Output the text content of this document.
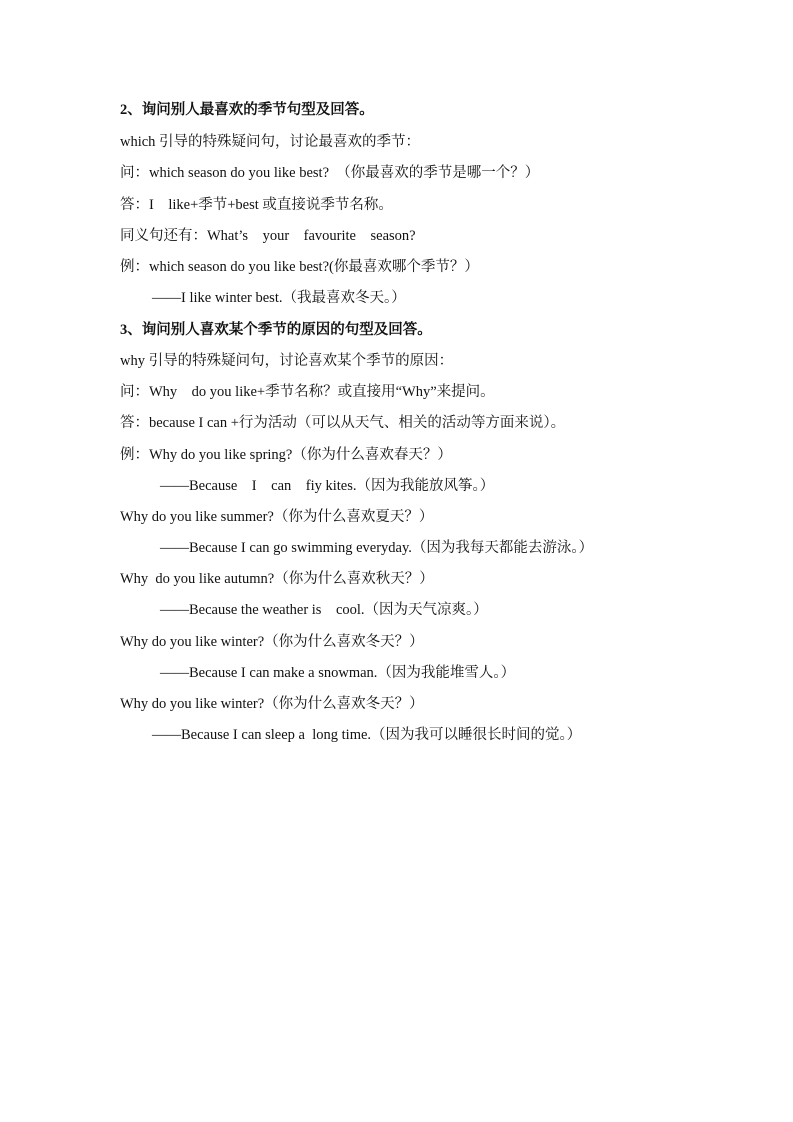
2、询问别人最喜欢的季节句型及回答。
which 引导的特殊疑问句，讨论最喜欢的季节：
问：which season do you like best?  （你最喜欢的季节是哪一个？）
答：I    like+季节+best 或直接说季节名称。
同义句还有：What’s    your    favourite    season?
例：which season do you like best?(你最喜欢哪个季节？）
——I like winter best.（我最喜欢冬天。）
3、询问别人喜欢某个季节的原因的句型及回答。
why 引导的特殊疑问句，讨论喜欢某个季节的原因：
问：Why    do you like+季节名称？或直接用“Why”来提问。
答：because I can +行为活动（可以从天气、相关的活动等方面来说）。
例：Why do you like spring?（你为什么喜欢春天？）
——Because    I    can    fiy kites.（因为我能放风筝。）
Why do you like summer?（你为什么喜欢夏天？）
——Because I can go swimming everyday.（因为我每天都能去游泳。）
Why  do you like autumn?（你为什么喜欢秋天？）
——Because the weather is    cool.（因为天气凉爽。）
Why do you like winter?（你为什么喜欢冬天？）
——Because I can make a snowman.（因为我能堆雪人。）
Why do you like winter?（你为什么喜欢冬天？）
——Because I can sleep a  long time.（因为我可以睡很长时间的觉。）
